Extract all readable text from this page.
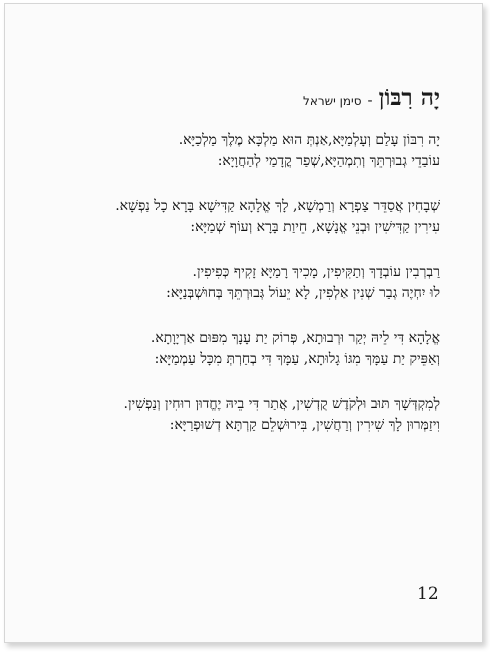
יָה רִבּוֹן
-
סימן ישראל
יָה רִבּוֹן עָלַם וְעָלְמַיָּא,אַנְתְּ הוּא מַלְכָּא מֶלֶךְ מַלְכַיָּא.
עוֹבַדֵי גְבוּרְתֵּךְ וְתִמְהַיָּא,שְׁפַר קֳדָמַי לְהַחֲוָיָא:
שְׁבָחִין אֲסַדֵּר צַפְרָא וְרַמְשָׁא, לָךְ אֱלָהָא קַדִּישָׁא בָּרָא כָל נַפְשָׁא.
עִירִין קַדִּישִׁין וּבְנֵי אֱנָשָׁא, חֵיוַת בָּרָא וְעוֹף שְׁמַיָּא:
רַבְרְבִין עוֹבְדָךְ וְתַקִּיפִין, מָכִיךְ רָמַיָּא זָקִיף כְּפִיפִין.
לוּ יִחְיֶה גְבַר שְׁנִין אַלְפִין, לָא יֵעוֹל גְּבוּרְתֵּךְ בְּחוּשְׁבְּנַיָּא:
אֱלָהָא דִּי לֵיהּ יְקַר וּרְבוּתָא, פְּרוֹק יַת עָנָךְ מִפּוּם אַרְיָוָתָא.
וְאַפֵּיק יַת עַמָּךְ מִגּוֹ גָלוּתָא, עַמָּךְ דִּי בְחַרְתְּ מִכָּל עַמְמַיָּא:
לְמִקְדְּשָׁךְ תּוּב וּלְקֹדֶשׁ קֻדְשִׁין, אֲתַר דִּי בֵיהּ יֶחֱדוּן רוּחִין וְנַפְשִׁין.
וִיזַמְּרוּן לָךְ שִׁירִין וְרַחֲשִׁין, בִּירוּשְׁלֵם קַרְתָּא דְשׁוּפְרַיָּא:
12
